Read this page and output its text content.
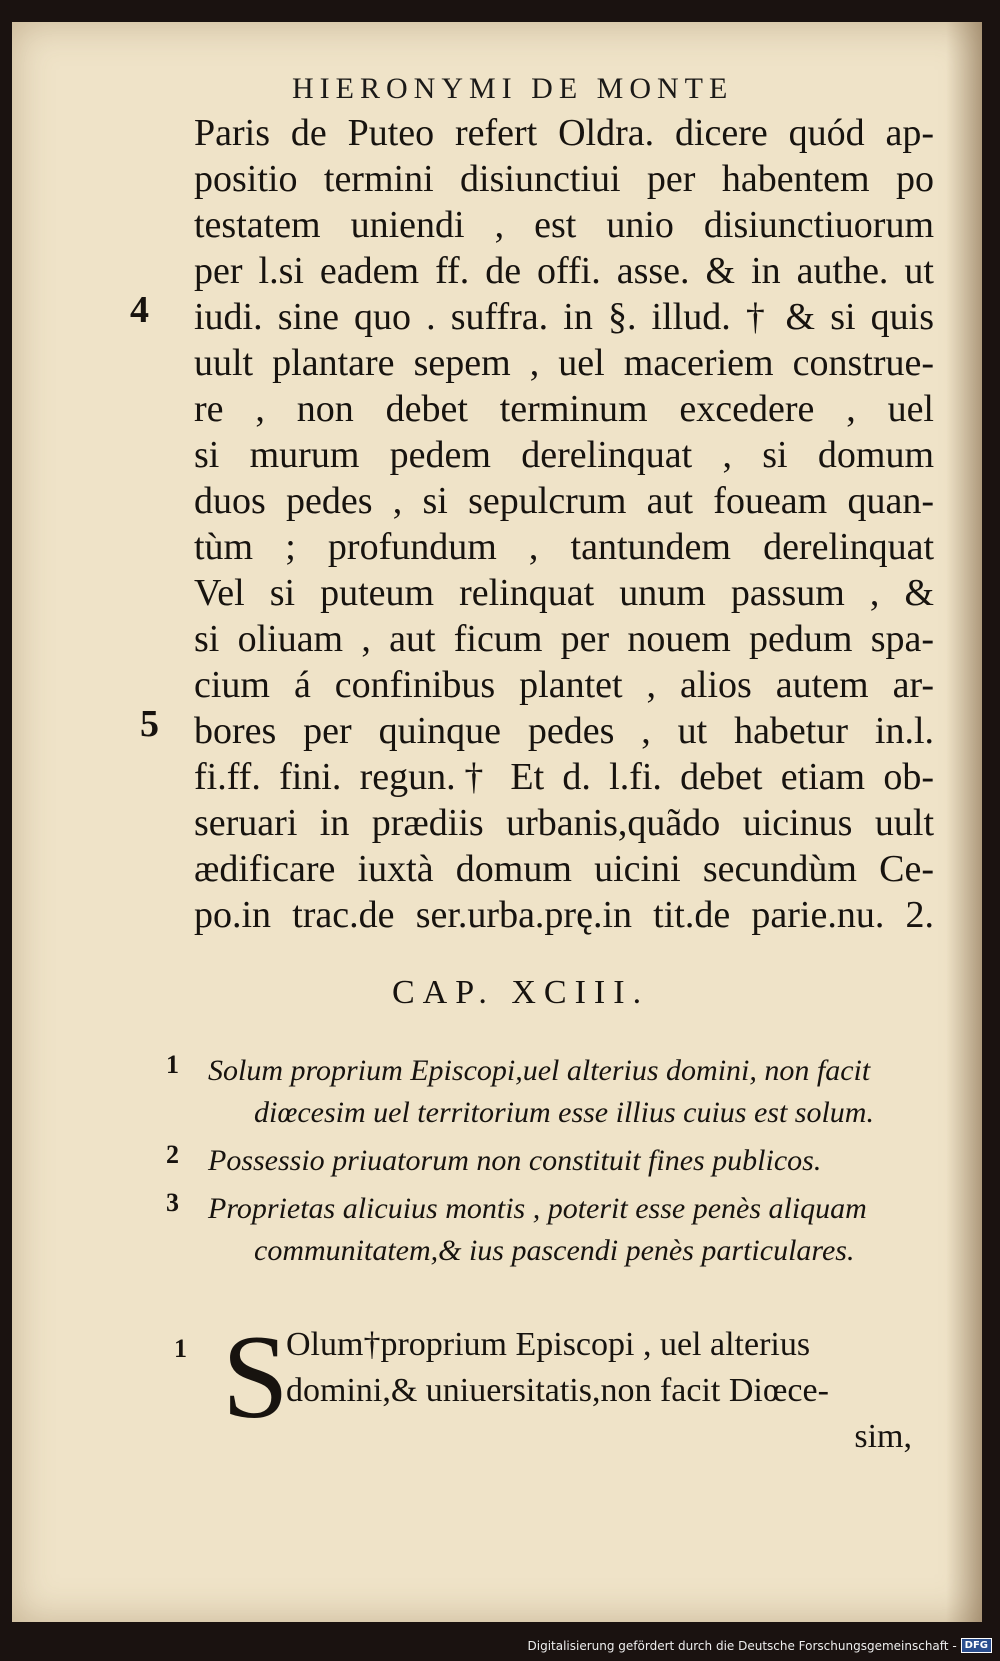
HIERONYMI DE MONTE
Paris de Puteo refert Oldra. dicere quód ap-
positio termini disiunctiui per habentem po
testatem uniendi , est unio disiunctiuorum
per l.si eadem ff. de offi. asse. & in authe. ut
iudi. sine quo . suffra. in §. illud. † & si quis
uult plantare sepem , uel maceriem construe-
re , non debet terminum excedere , uel
si murum pedem derelinquat , si domum
duos pedes , si sepulcrum aut foueam quan-
tùm ; profundum , tantundem derelinquat
Vel si puteum relinquat unum passum , &
si oliuam , aut ficum per nouem pedum spa-
cium á confinibus plantet , alios autem ar-
bores per quinque pedes , ut habetur in.l.
fi.ff. fini. regun.† Et d. l.fi. debet etiam ob-
seruari in prædiis urbanis,quãdo uicinus uult
ædificare iuxtà domum uicini secundùm Ce-
po.in trac.de ser.urba.prę.in tit.de parie.nu. 2.
4
5
CAP. XCIII.
1 Solum proprium Episcopi,uel alterius domini, non facit
diœcesim uel territorium esse illius cuius est solum.
2 Possessio priuatorum non constituit fines publicos.
3 Proprietas alicuius montis , poterit esse penès aliquam
communitatem,& ius pascendi penès particulares.
1 S
Olum†proprium Episcopi , uel alterius
domini,& uniuersitatis,non facit Diœce-
sim,
Digitalisierung gefördert durch die Deutsche Forschungsgemeinschaft - DFG
